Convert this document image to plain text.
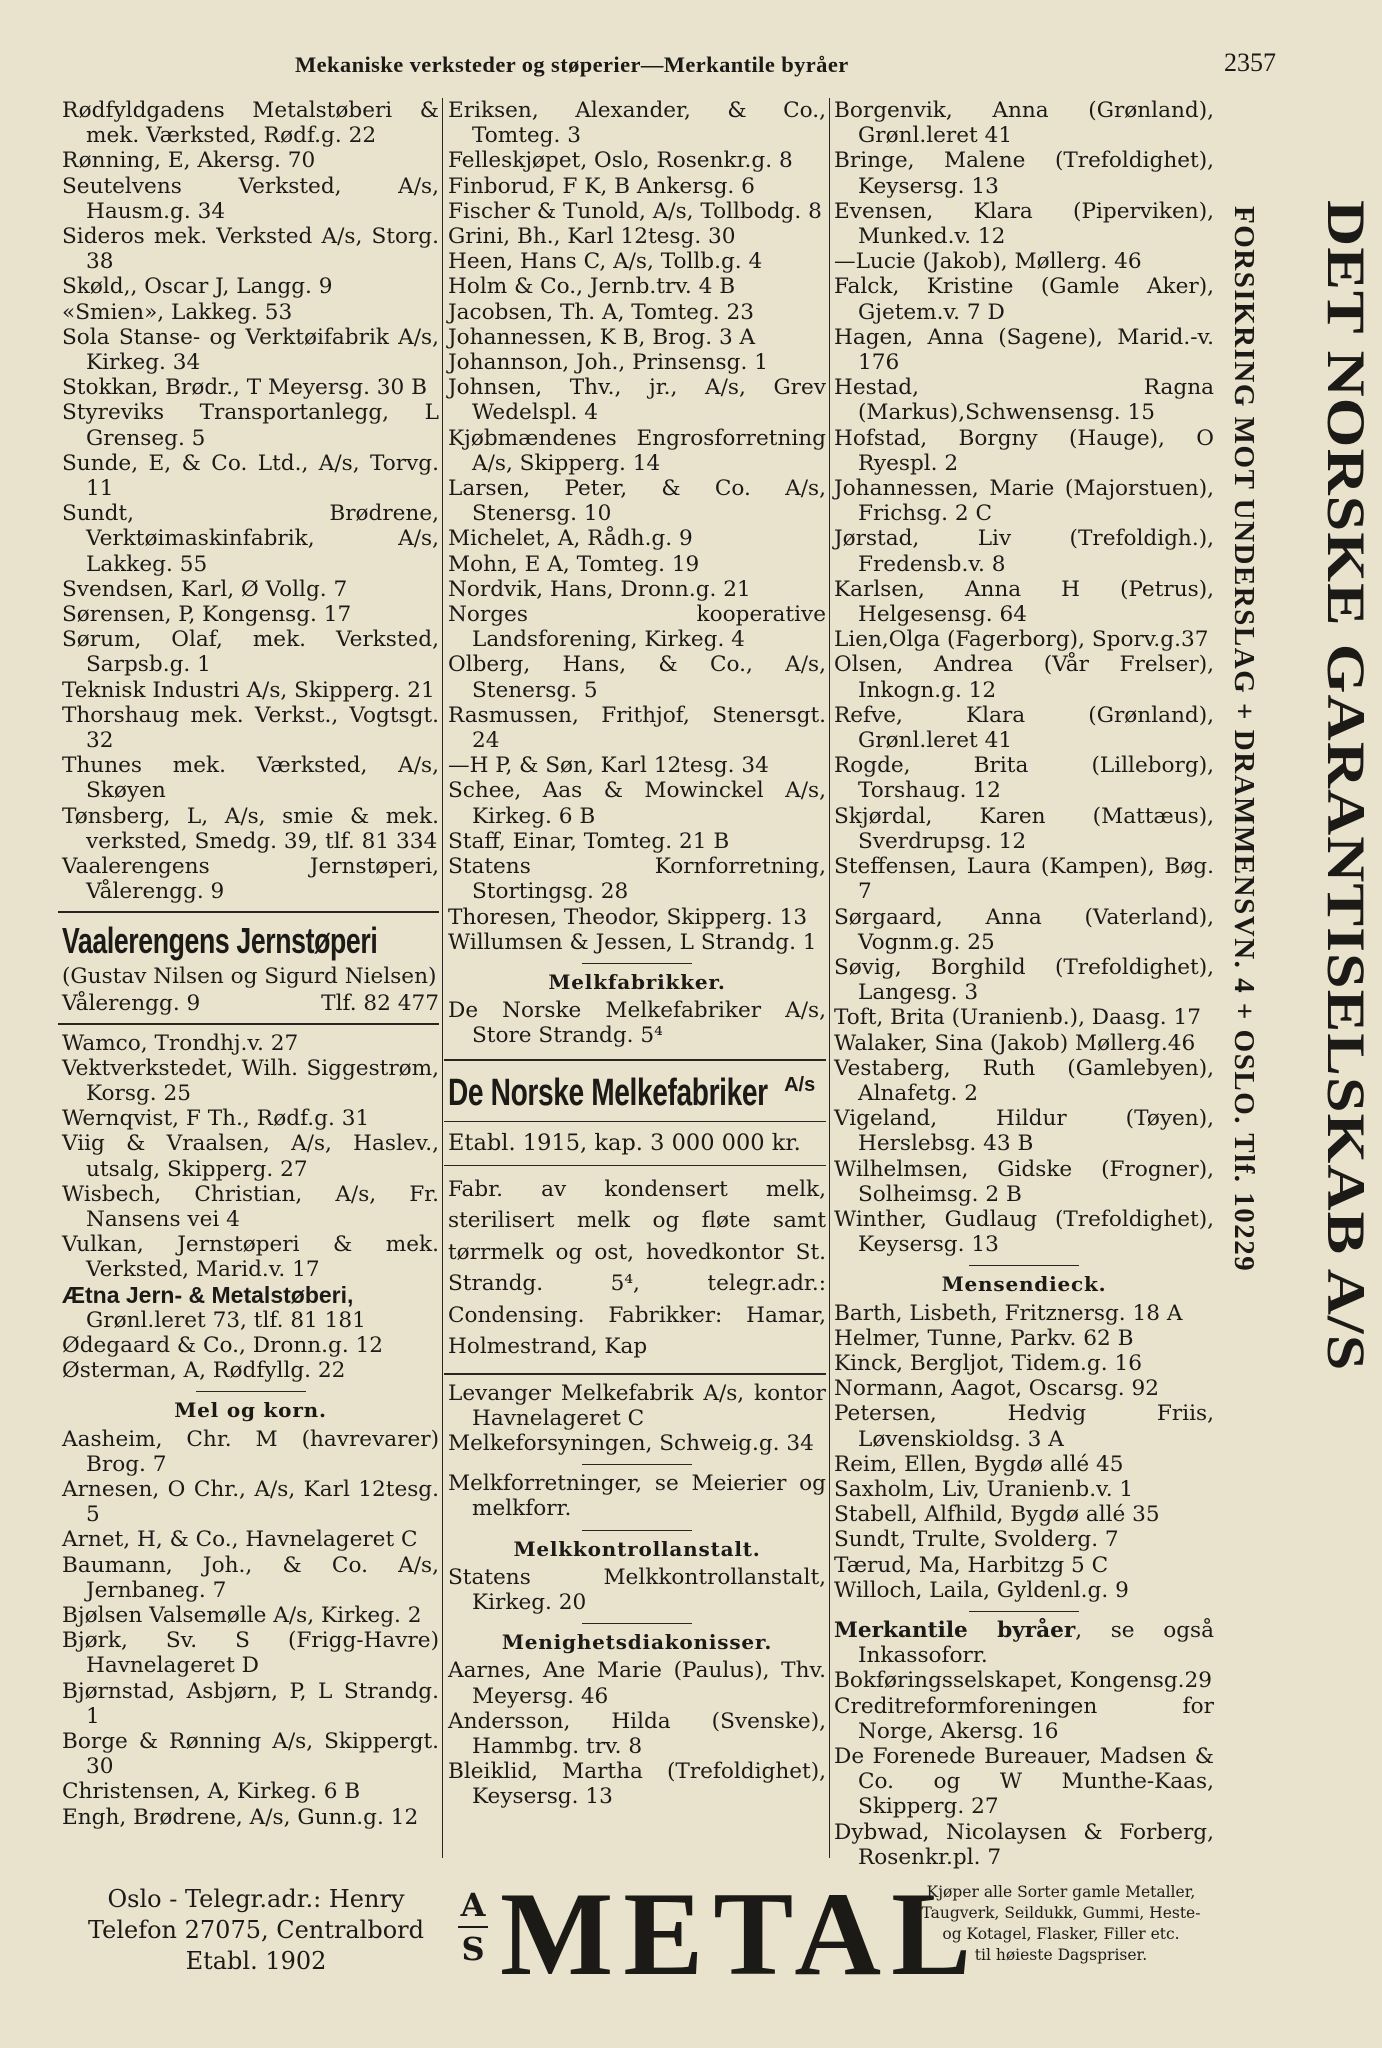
Mekaniske verksteder og støperier—Merkantile byråer	2357
Rødfyldgadens Metalstøberi & mek. Værksted, Rødf.g. 22
Rønning, E, Akersg. 70
Seutelvens Verksted, A/s, Hausm.g. 34
Sideros mek. Verksted A/s, Storg. 38
Skøld,, Oscar J, Langg. 9
«Smien», Lakkeg. 53
Sola Stanse- og Verktøifabrik A/s, Kirkeg. 34
Stokkan, Brødr., T Meyersg. 30 B
Styreviks Transportanlegg, L Grenseg. 5
Sunde, E, & Co. Ltd., A/s, Torvg. 11
Sundt, Brødrene, Verktøimaskinfabrik, A/s, Lakkeg. 55
Svendsen, Karl, Ø Vollg. 7
Sørensen, P, Kongensg. 17
Sørum, Olaf, mek. Verksted, Sarpsb.g. 1
Teknisk Industri A/s, Skipperg. 21
Thorshaug mek. Verkst., Vogtsgt. 32
Thunes mek. Værksted, A/s, Skøyen
Tønsberg, L, A/s, smie & mek. verksted, Smedg. 39, tlf. 81 334
Vaalerengens Jernstøperi, Vålerengg. 9
Vaalerengens Jernstøperi
(Gustav Nilsen og Sigurd Nielsen)
Vålerengg. 9	Tlf. 82 477
Wamco, Trondhj.v. 27
Vektverkstedet, Wilh. Siggestrøm, Korsg. 25
Wernqvist, F Th., Rødf.g. 31
Viig & Vraalsen, A/s, Haslev., utsalg, Skipperg. 27
Wisbech, Christian, A/s, Fr. Nansens vei 4
Vulkan, Jernstøperi & mek. Verksted, Marid.v. 17
Ætna Jern- & Metalstøberi,
Grønl.leret 73, tlf. 81 181
Ødegaard & Co., Dronn.g. 12
Østerman, A, Rødfyllg. 22
Mel og korn.
Aasheim, Chr. M (havrevarer) Brog. 7
Arnesen, O Chr., A/s, Karl 12tesg. 5
Arnet, H, & Co., Havnelageret C
Baumann, Joh., & Co. A/s, Jernbaneg. 7
Bjølsen Valsemølle A/s, Kirkeg. 2
Bjørk, Sv. S (Frigg-Havre) Havnelageret D
Bjørnstad, Asbjørn, P, L Strandg. 1
Borge & Rønning A/s, Skippergt. 30
Christensen, A, Kirkeg. 6 B
Engh, Brødrene, A/s, Gunn.g. 12
Eriksen, Alexander, & Co., Tomteg. 3
Felleskjøpet, Oslo, Rosenkr.g. 8
Finborud, F K, B Ankersg. 6
Fischer & Tunold, A/s, Tollbodg. 8
Grini, Bh., Karl 12tesg. 30
Heen, Hans C, A/s, Tollb.g. 4
Holm & Co., Jernb.trv. 4 B
Jacobsen, Th. A, Tomteg. 23
Johannessen, K B, Brog. 3 A
Johannson, Joh., Prinsensg. 1
Johnsen, Thv., jr., A/s, Grev Wedelspl. 4
Kjøbmændenes Engrosforretning A/s, Skipperg. 14
Larsen, Peter, & Co. A/s, Stenersg. 10
Michelet, A, Rådh.g. 9
Mohn, E A, Tomteg. 19
Nordvik, Hans, Dronn.g. 21
Norges kooperative Landsforening, Kirkeg. 4
Olberg, Hans, & Co., A/s, Stenersg. 5
Rasmussen, Frithjof, Stenersgt. 24
—H P, & Søn, Karl 12tesg. 34
Schee, Aas & Mowinckel A/s, Kirkeg. 6 B
Staff, Einar, Tomteg. 21 B
Statens Kornforretning, Stortingsg. 28
Thoresen, Theodor, Skipperg. 13
Willumsen & Jessen, L Strandg. 1
Melkfabrikker.
De Norske Melkefabriker A/s, Store Strandg. 5⁴
De Norske Melkefabriker A/s
Etabl. 1915, kap. 3 000 000 kr.
Fabr. av kondensert melk, sterilisert melk og fløte samt tørrmelk og ost, hovedkontor St. Strandg. 5⁴, telegr.adr.: Condensing. Fabrikker: Hamar, Holmestrand, Kap
Levanger Melkefabrik A/s, kontor Havnelageret C
Melkeforsyningen, Schweig.g. 34
Melkforretninger, se Meierier og melkforr.
Melkkontrollanstalt.
Statens Melkkontrollanstalt, Kirkeg. 20
Menighetsdiakonisser.
Aarnes, Ane Marie (Paulus), Thv. Meyersg. 46
Andersson, Hilda (Svenske), Hammbg. trv. 8
Bleiklid, Martha (Trefoldighet), Keysersg. 13
Borgenvik, Anna (Grønland), Grønl.leret 41
Bringe, Malene (Trefoldighet), Keysersg. 13
Evensen, Klara (Piperviken), Munked.v. 12
—Lucie (Jakob), Møllerg. 46
Falck, Kristine (Gamle Aker), Gjetem.v. 7 D
Hagen, Anna (Sagene), Marid.-v. 176
Hestad, Ragna (Markus),Schwensensg. 15
Hofstad, Borgny (Hauge), O Ryespl. 2
Johannessen, Marie (Majorstuen), Frichsg. 2 C
Jørstad, Liv (Trefoldigh.), Fredensb.v. 8
Karlsen, Anna H (Petrus), Helgesensg. 64
Lien,Olga (Fagerborg), Sporv.g.37
Olsen, Andrea (Vår Frelser), Inkogn.g. 12
Refve, Klara (Grønland), Grønl.leret 41
Rogde, Brita (Lilleborg), Torshaug. 12
Skjørdal, Karen (Mattæus), Sverdrupsg. 12
Steffensen, Laura (Kampen), Bøg. 7
Sørgaard, Anna (Vaterland), Vognm.g. 25
Søvig, Borghild (Trefoldighet), Langesg. 3
Toft, Brita (Uranienb.), Daasg. 17
Walaker, Sina (Jakob) Møllerg.46
Vestaberg, Ruth (Gamlebyen), Alnafetg. 2
Vigeland, Hildur (Tøyen), Herslebsg. 43 B
Wilhelmsen, Gidske (Frogner), Solheimsg. 2 B
Winther, Gudlaug (Trefoldighet), Keysersg. 13
Mensendieck.
Barth, Lisbeth, Fritznersg. 18 A
Helmer, Tunne, Parkv. 62 B
Kinck, Bergljot, Tidem.g. 16
Normann, Aagot, Oscarsg. 92
Petersen, Hedvig Friis, Løvenskioldsg. 3 A
Reim, Ellen, Bygdø allé 45
Saxholm, Liv, Uranienb.v. 1
Stabell, Alfhild, Bygdø allé 35
Sundt, Trulte, Svolderg. 7
Tærud, Ma, Harbitzg 5 C
Willoch, Laila, Gyldenl.g. 9
Merkantile byråer, se også Inkassoforr.
Bokføringsselskapet, Kongensg.29
Creditreformforeningen for Norge, Akersg. 16
De Forenede Bureauer, Madsen & Co. og W Munthe-Kaas, Skipperg. 27
Dybwad, Nicolaysen & Forberg, Rosenkr.pl. 7
DET NORSKE GARANTISELSKAB A/S
FORSIKRING MOT UNDERSLAG + DRAMMENSVN. 4 + OSLO. Tlf. 10229
Oslo - Telegr.adr.: Henry
Telefon 27075, Centralbord
Etabl. 1902
A
S METAL
Kjøper alle Sorter gamle Metaller,
Taugverk, Seildukk, Gummi, Heste-
og Kotagel, Flasker, Filler etc.
til høieste Dagspriser.
